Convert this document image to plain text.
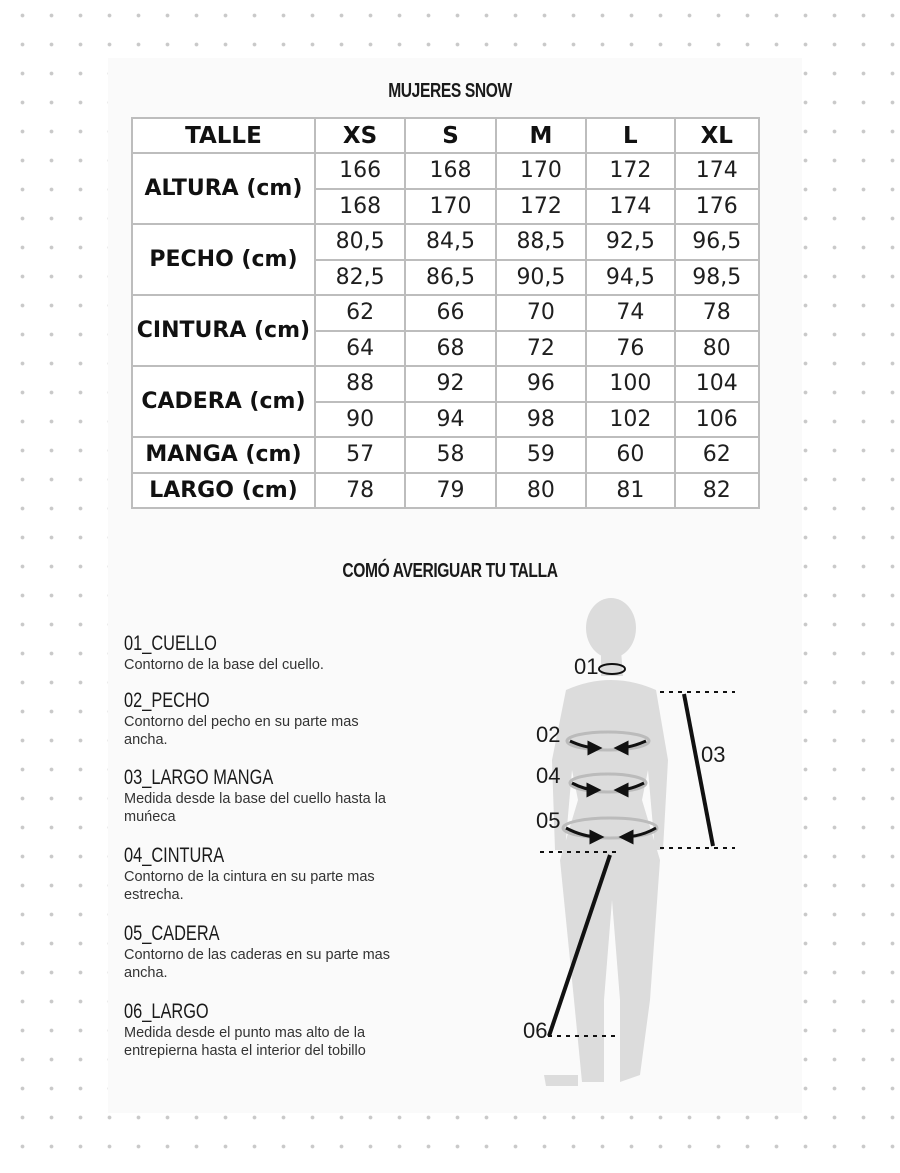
MUJERES SNOW
TALLE	XS	S	M	L	XL
ALTURA (cm)	166	168	170	172	174
	168	170	172	174	176
PECHO (cm)	80,5	84,5	88,5	92,5	96,5
	82,5	86,5	90,5	94,5	98,5
CINTURA (cm)	62	66	70	74	78
	64	68	72	76	80
CADERA (cm)	88	92	96	100	104
	90	94	98	102	106
MANGA (cm)	57	58	59	60	62
LARGO (cm)	78	79	80	81	82
COMÓ AVERIGUAR TU TALLA
01_CUELLO
Contorno de la base del cuello.
02_PECHO
Contorno del pecho en su parte mas ancha.
03_LARGO MANGA
Medida desde la base del cuello hasta la muńeca
04_CINTURA
Contorno de la cintura en su parte mas estrecha.
05_CADERA
Contorno de las caderas en su parte mas ancha.
06_LARGO
Medida desde el punto mas alto de la entrepierna hasta el interior del tobillo
01
02
03
04
05
06
